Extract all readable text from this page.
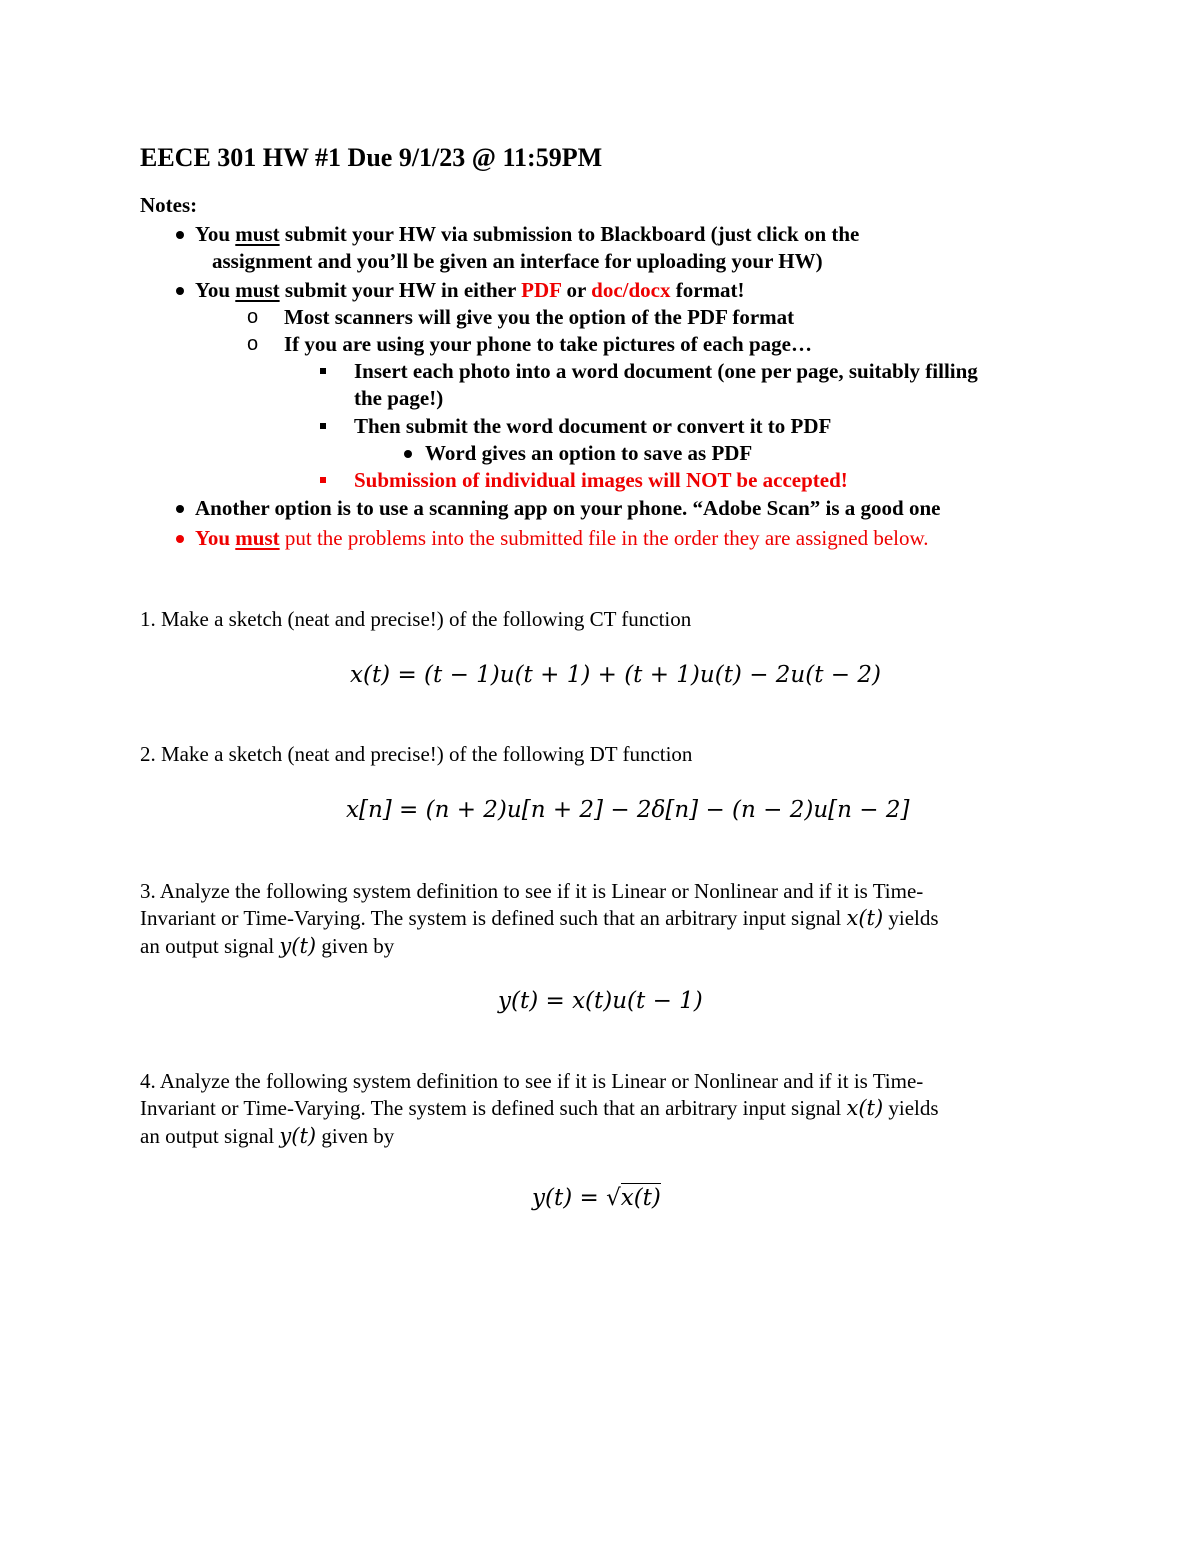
EECE 301 HW #1 Due 9/1/23 @ 11:59PM
Notes:
You must submit your HW via submission to Blackboard (just click on the
assignment and you’ll be given an interface for uploading your HW)
You must submit your HW in either PDF or doc/docx format!
o Most scanners will give you the option of the PDF format
o If you are using your phone to take pictures of each page…
Insert each photo into a word document (one per page, suitably filling
the page!)
Then submit the word document or convert it to PDF
Word gives an option to save as PDF
Submission of individual images will NOT be accepted!
Another option is to use a scanning app on your phone. “Adobe Scan” is a good one
You must put the problems into the submitted file in the order they are assigned below.
1. Make a sketch (neat and precise!) of the following CT function
x(t) = (t − 1)u(t + 1) + (t + 1)u(t) − 2u(t − 2)
2. Make a sketch (neat and precise!) of the following DT function
x[n] = (n + 2)u[n + 2] − 2δ[n] − (n − 2)u[n − 2]
3. Analyze the following system definition to see if it is Linear or Nonlinear and if it is Time-
Invariant or Time-Varying. The system is defined such that an arbitrary input signal x(t) yields
an output signal y(t) given by
y(t) = x(t)u(t − 1)
4. Analyze the following system definition to see if it is Linear or Nonlinear and if it is Time-
Invariant or Time-Varying. The system is defined such that an arbitrary input signal x(t) yields
an output signal y(t) given by
y(t) = √x(t)
